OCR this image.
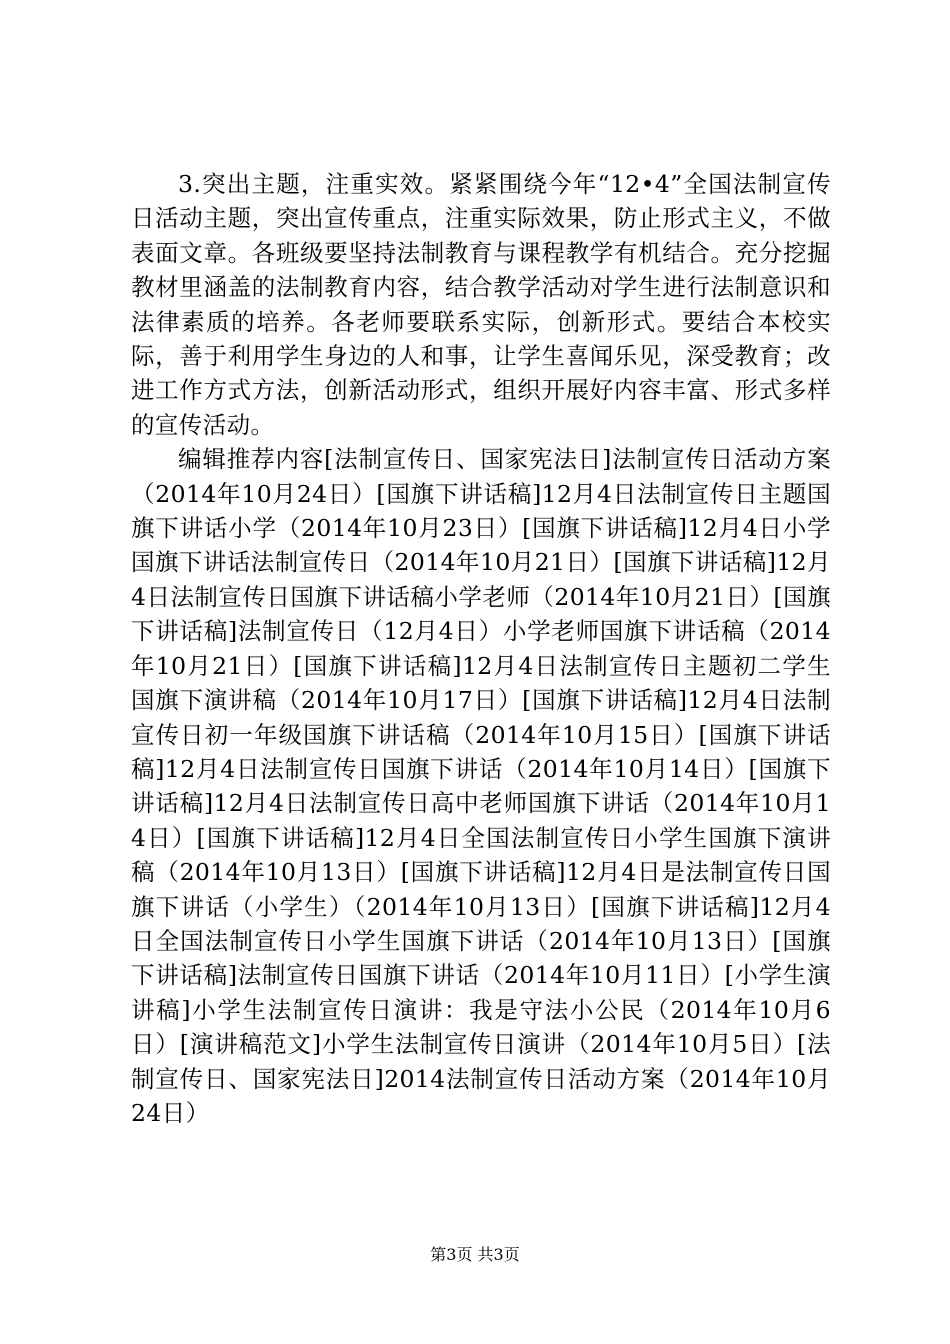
3.突出主题，注重实效。紧紧围绕今年“12•4”全国法制宣传日活动主题，突出宣传重点，注重实际效果，防止形式主义，不做表面文章。各班级要坚持法制教育与课程教学有机结合。充分挖掘教材里涵盖的法制教育内容，结合教学活动对学生进行法制意识和法律素质的培养。各老师要联系实际，创新形式。要结合本校实际，善于利用学生身边的人和事，让学生喜闻乐见，深受教育；改进工作方式方法，创新活动形式，组织开展好内容丰富、形式多样的宣传活动。

编辑推荐内容[法制宣传日、国家宪法日]法制宣传日活动方案（2014年10月24日）[国旗下讲话稿]12月4日法制宣传日主题国旗下讲话小学（2014年10月23日）[国旗下讲话稿]12月4日小学国旗下讲话法制宣传日（2014年10月21日）[国旗下讲话稿]12月4日法制宣传日国旗下讲话稿小学老师（2014年10月21日）[国旗下讲话稿]法制宣传日（12月4日）小学老师国旗下讲话稿（2014年10月21日）[国旗下讲话稿]12月4日法制宣传日主题初二学生国旗下演讲稿（2014年10月17日）[国旗下讲话稿]12月4日法制宣传日初一年级国旗下讲话稿（2014年10月15日）[国旗下讲话稿]12月4日法制宣传日国旗下讲话（2014年10月14日）[国旗下讲话稿]12月4日法制宣传日高中老师国旗下讲话（2014年10月14日）[国旗下讲话稿]12月4日全国法制宣传日小学生国旗下演讲稿（2014年10月13日）[国旗下讲话稿]12月4日是法制宣传日国旗下讲话（小学生）（2014年10月13日）[国旗下讲话稿]12月4日全国法制宣传日小学生国旗下讲话（2014年10月13日）[国旗下讲话稿]法制宣传日国旗下讲话（2014年10月11日）[小学生演讲稿]小学生法制宣传日演讲：我是守法小公民（2014年10月6日）[演讲稿范文]小学生法制宣传日演讲（2014年10月5日）[法制宣传日、国家宪法日]2014法制宣传日活动方案（2014年10月24日）

第3页 共3页
